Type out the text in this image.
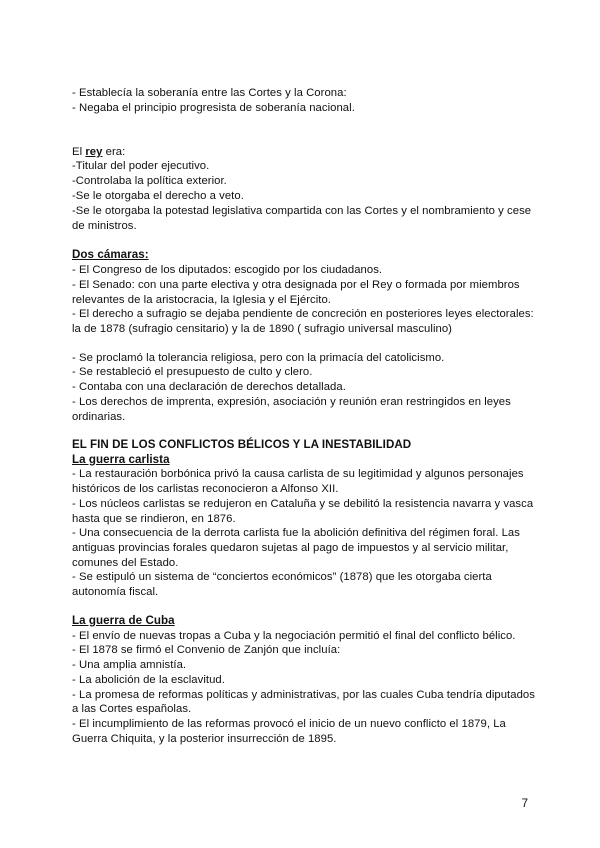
- Establecía la soberanía entre las Cortes y la Corona:
- Negaba el principio progresista de soberanía nacional.
El rey era:
-Titular del poder ejecutivo.
-Controlaba la política exterior.
-Se le otorgaba el derecho a veto.
-Se le otorgaba la potestad legislativa compartida con las Cortes y el nombramiento y cese
de ministros.
Dos cámaras:
- El Congreso de los diputados: escogido por los ciudadanos.
- El Senado: con una parte electiva y otra designada por el Rey o formada por miembros
relevantes de la aristocracia, la Iglesia y el Ejército.
- El derecho a sufragio se dejaba pendiente de concreción en posteriores leyes electorales:
la de 1878 (sufragio censitario) y la de 1890 ( sufragio universal masculino)
- Se proclamó la tolerancia religiosa, pero con la primacía del catolicismo.
- Se restableció el presupuesto de culto y clero.
- Contaba con una declaración de derechos detallada.
- Los derechos de imprenta, expresión, asociación y reunión eran restringidos en leyes
ordinarias.
EL FIN DE LOS CONFLICTOS BÉLICOS Y LA INESTABILIDAD
La guerra carlista
- La restauración borbónica privó la causa carlista de su legitimidad y algunos personajes
históricos de los carlistas reconocieron a Alfonso XII.
- Los núcleos carlistas se redujeron en Cataluña y se debilitó la resistencia navarra y vasca
hasta que se rindieron, en 1876.
- Una consecuencia de la derrota carlista fue la abolición definitiva del régimen foral. Las
antiguas provincias forales quedaron sujetas al pago de impuestos y al servicio militar,
comunes del Estado.
- Se estipuló un sistema de “conciertos económicos” (1878) que les otorgaba cierta
autonomía fiscal.
La guerra de Cuba
- El envío de nuevas tropas a Cuba y la negociación permitió el final del conflicto bélico.
- El 1878 se firmó el Convenio de Zanjón que incluía:
- Una amplia amnistía.
- La abolición de la esclavitud.
- La promesa de reformas políticas y administrativas, por las cuales Cuba tendría diputados
a las Cortes españolas.
- El incumplimiento de las reformas provocó el inicio de un nuevo conflicto el 1879, La
Guerra Chiquita, y la posterior insurrección de 1895.
7
